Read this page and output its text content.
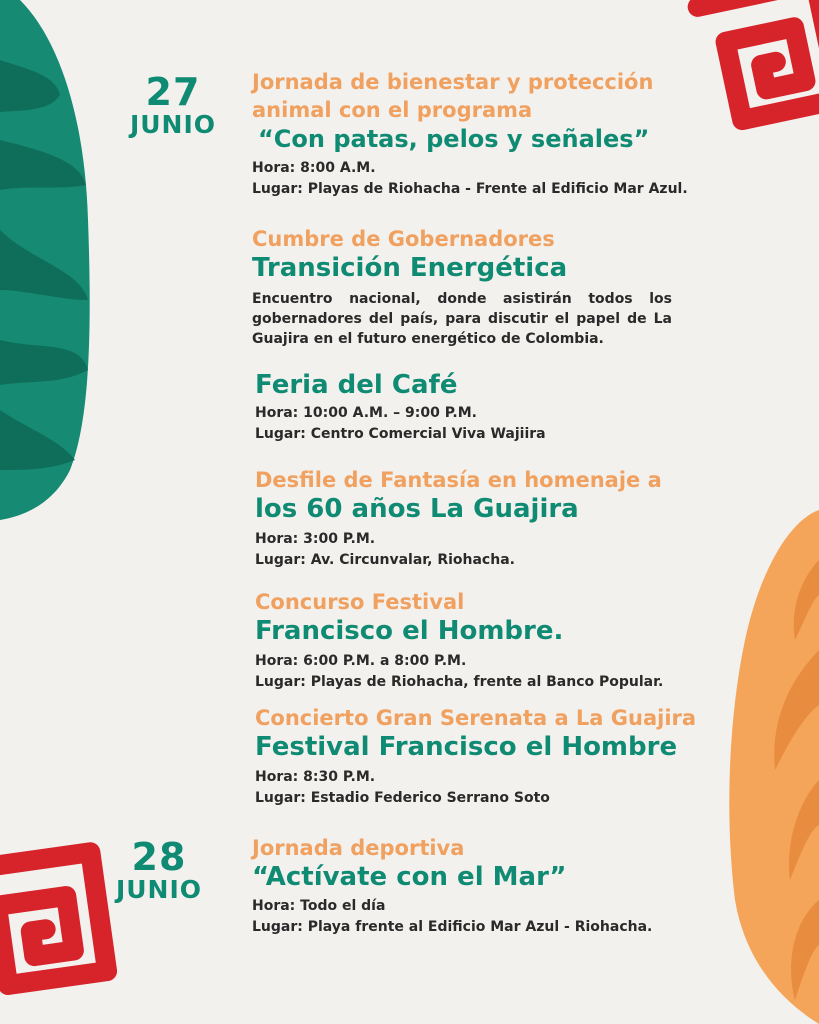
27
JUNIO
28
JUNIO
Jornada de bienestar y protección
animal con el programa
“Con patas, pelos y señales”
Hora: 8:00 A.M.
Lugar: Playas de Riohacha - Frente al Edificio Mar Azul.
Cumbre de Gobernadores
Transición Energética
Encuentro nacional, donde asistirán todos los gobernadores del país, para discutir el papel de La Guajira en el futuro energético de Colombia.
Feria del Café
Hora: 10:00 A.M. – 9:00 P.M.
Lugar: Centro Comercial Viva Wajiira
Desfile de Fantasía en homenaje a
los 60 años La Guajira
Hora: 3:00 P.M.
Lugar: Av. Circunvalar, Riohacha.
Concurso Festival
Francisco el Hombre.
Hora: 6:00 P.M. a 8:00 P.M.
Lugar: Playas de Riohacha, frente al Banco Popular.
Concierto Gran Serenata a La Guajira
Festival Francisco el Hombre
Hora: 8:30 P.M.
Lugar: Estadio Federico Serrano Soto
Jornada deportiva
“Actívate con el Mar”
Hora: Todo el día
Lugar: Playa frente al Edificio Mar Azul - Riohacha.
